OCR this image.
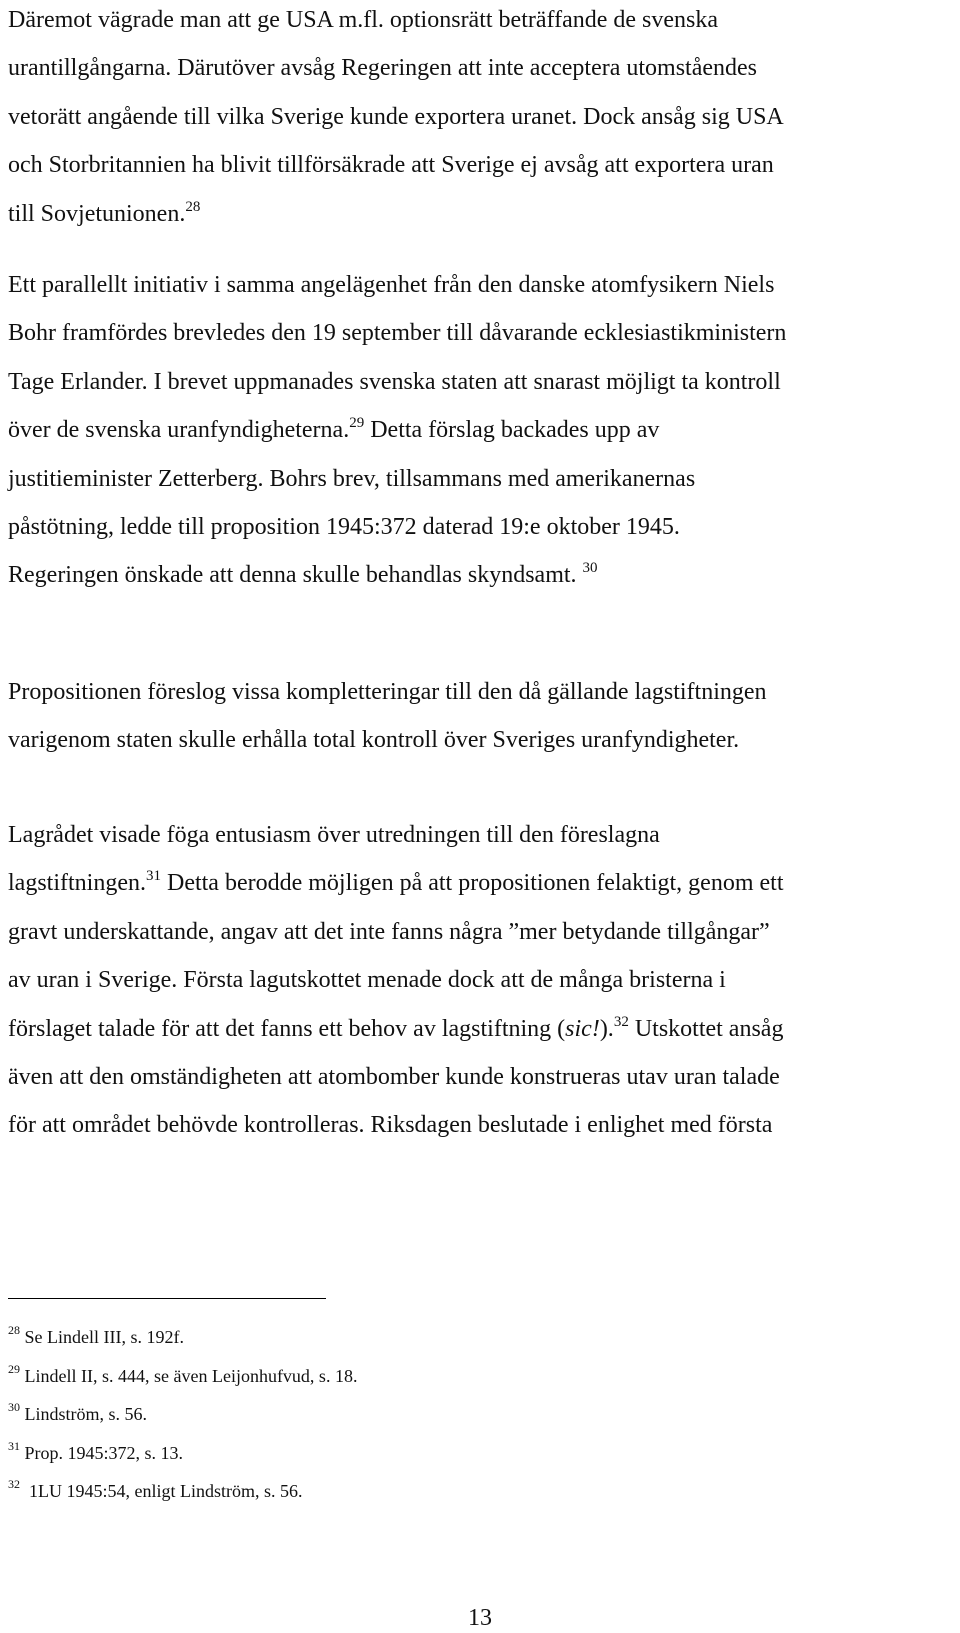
Däremot vägrade man att ge USA m.fl. optionsrätt beträffande de svenska
urantillgångarna. Därutöver avsåg Regeringen att inte acceptera utomståendes
vetorätt angående till vilka Sverige kunde exportera uranet. Dock ansåg sig USA
och Storbritannien ha blivit tillförsäkrade att Sverige ej avsåg att exportera uran
till Sovjetunionen.$^{28}$
Ett parallellt initiativ i samma angelägenhet från den danske atomfysikern Niels
Bohr framfördes brevledes den 19 september till dåvarande ecklesiastikministern
Tage Erlander. I brevet uppmanades svenska staten att snarast möjligt ta kontroll
över de svenska uranfyndigheterna.$^{29}$ Detta förslag backades upp av
justitieminister Zetterberg. Bohrs brev, tillsammans med amerikanernas
påstötning, ledde till proposition 1945:372 daterad 19:e oktober 1945.
Regeringen önskade att denna skulle behandlas skyndsamt. $^{30}$
Propositionen föreslog vissa kompletteringar till den då gällande lagstiftningen
varigenom staten skulle erhålla total kontroll över Sveriges uranfyndigheter.
Lagrådet visade föga entusiasm över utredningen till den föreslagna
lagstiftningen.$^{31}$ Detta berodde möjligen på att propositionen felaktigt, genom ett
gravt underskattande, angav att det inte fanns några ”mer betydande tillgångar”
av uran i Sverige. Första lagutskottet menade dock att de många bristerna i
förslaget talade för att det fanns ett behov av lagstiftning (sic!).$^{32}$ Utskottet ansåg
även att den omständigheten att atombomber kunde konstrueras utav uran talade
för att området behövde kontrolleras. Riksdagen beslutade i enlighet med första
$^{28}$ Se Lindell III, s. 192f.
$^{29}$ Lindell II, s. 444, se även Leijonhufvud, s. 18.
$^{30}$ Lindström, s. 56.
$^{31}$ Prop. 1945:372, s. 13.
$^{32}$  1LU 1945:54, enligt Lindström, s. 56.
13
